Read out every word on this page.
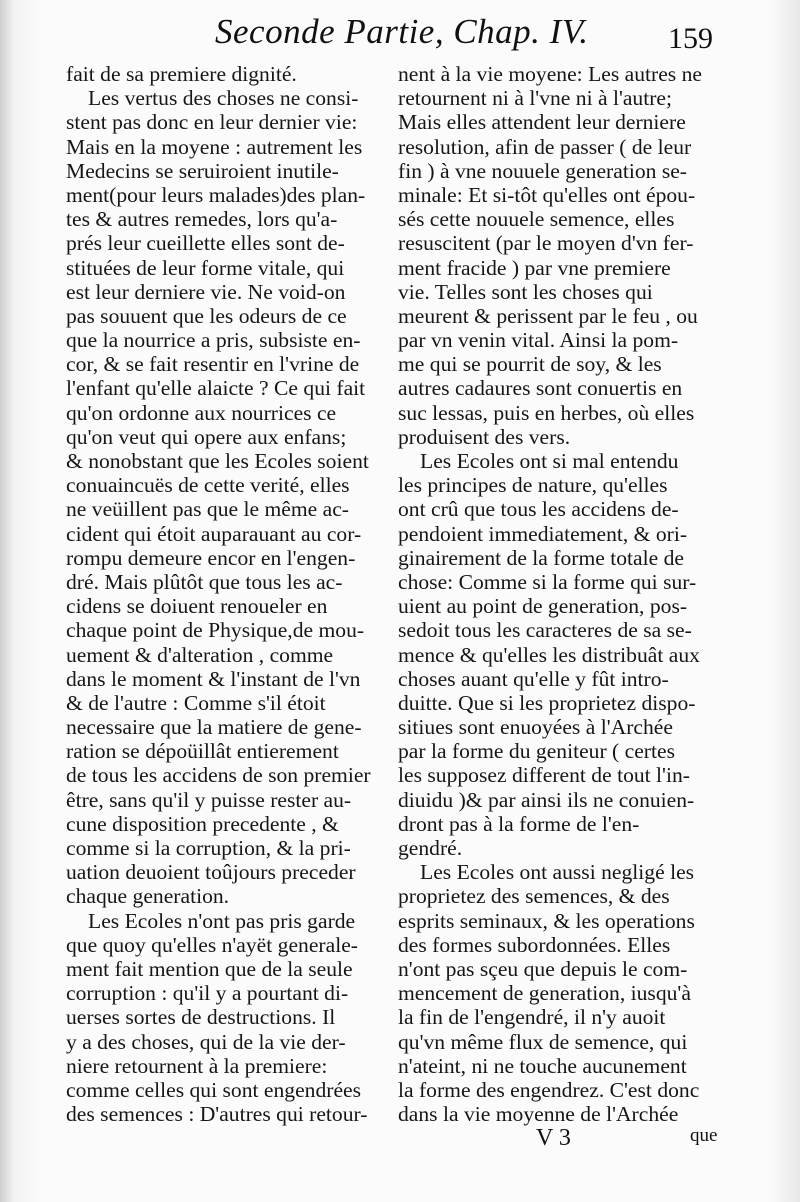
Seconde Partie, Chap. IV.	159
fait de sa premiere dignité.
Les vertus des choses ne consi-
stent pas donc en leur dernier vie:
Mais en la moyene : autrement les
Medecins se seruiroient inutile-
ment(pour leurs malades)des plan-
tes & autres remedes, lors qu'a-
prés leur cueillette elles sont de-
stituées de leur forme vitale, qui
est leur derniere vie. Ne void-on
pas souuent que les odeurs de ce
que la nourrice a pris, subsiste en-
cor, & se fait resentir en l'vrine de
l'enfant qu'elle alaicte ? Ce qui fait
qu'on ordonne aux nourrices ce
qu'on veut qui opere aux enfans;
& nonobstant que les Ecoles soient
conuaincuës de cette verité, elles
ne veüillent pas que le même ac-
cident qui étoit auparauant au cor-
rompu demeure encor en l'engen-
dré. Mais plûtôt que tous les ac-
cidens se doiuent renoueler en
chaque point de Physique,de mou-
uement & d'alteration , comme
dans le moment & l'instant de l'vn
& de l'autre : Comme s'il étoit
necessaire que la matiere de gene-
ration se dépoüillât entierement
de tous les accidens de son premier
être, sans qu'il y puisse rester au-
cune disposition precedente , &
comme si la corruption, & la pri-
uation deuoient toûjours preceder
chaque generation.
Les Ecoles n'ont pas pris garde
que quoy qu'elles n'ayët generale-
ment fait mention que de la seule
corruption : qu'il y a pourtant di-
uerses sortes de destructions. Il
y a des choses, qui de la vie der-
niere retournent à la premiere:
comme celles qui sont engendrées
des semences : D'autres qui retour-
nent à la vie moyene: Les autres ne
retournent ni à l'vne ni à l'autre;
Mais elles attendent leur derniere
resolution, afin de passer ( de leur
fin ) à vne nouuele generation se-
minale: Et si-tôt qu'elles ont épou-
sés cette nouuele semence, elles
resuscitent (par le moyen d'vn fer-
ment fracide ) par vne premiere
vie. Telles sont les choses qui
meurent & perissent par le feu , ou
par vn venin vital. Ainsi la pom-
me qui se pourrit de soy, & les
autres cadaures sont conuertis en
suc lessas, puis en herbes, où elles
produisent des vers.
Les Ecoles ont si mal entendu
les principes de nature, qu'elles
ont crû que tous les accidens de-
pendoient immediatement, & ori-
ginairement de la forme totale de
chose: Comme si la forme qui sur-
uient au point de generation, pos-
sedoit tous les caracteres de sa se-
mence & qu'elles les distribuât aux
choses auant qu'elle y fût intro-
duitte. Que si les proprietez dispo-
sitiues sont enuoyées à l'Archée
par la forme du geniteur ( certes
les supposez different de tout l'in-
diuidu )& par ainsi ils ne conuien-
dront pas à la forme de l'en-
gendré.
Les Ecoles ont aussi negligé les
proprietez des semences, & des
esprits seminaux, & les operations
des formes subordonnées. Elles
n'ont pas sçeu que depuis le com-
mencement de generation, iusqu'à
la fin de l'engendré, il n'y auoit
qu'vn même flux de semence, qui
n'ateint, ni ne touche aucunement
la forme des engendrez. C'est donc
dans la vie moyenne de l'Archée
V 3	que
